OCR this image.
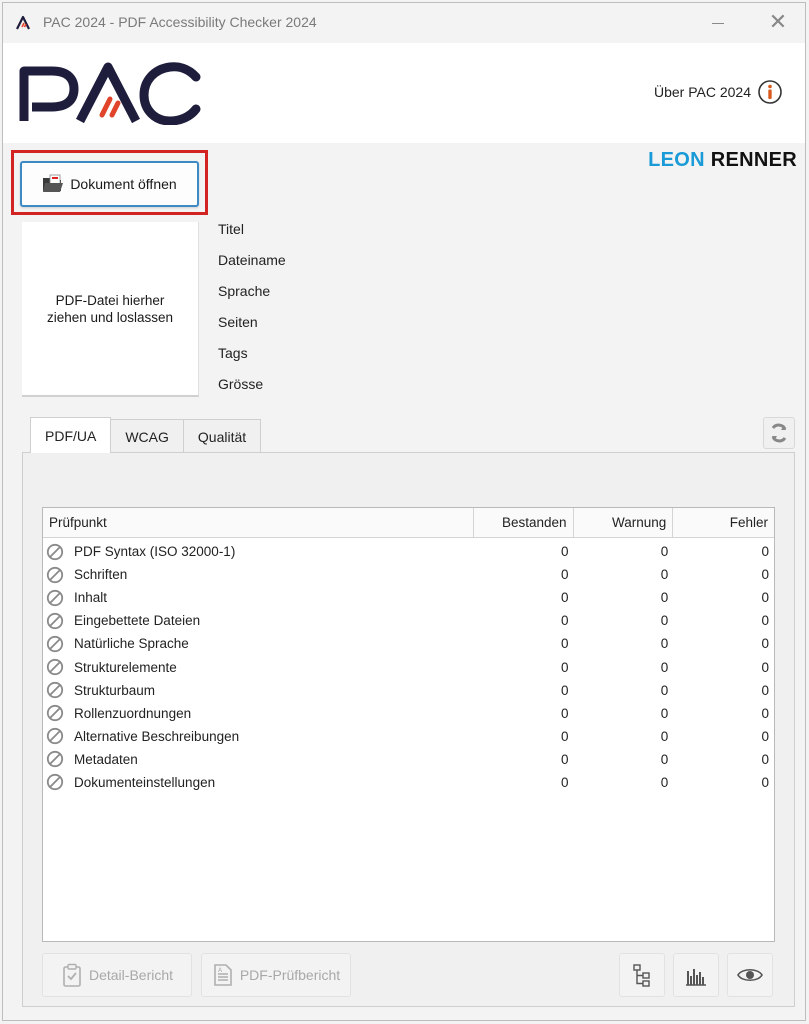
PAC 2024 - PDF Accessibility Checker 2024	✕
Über PAC 2024
LEON RENNER
Dokument öffnen
PDF-Datei hierher ziehen und loslassen
Titel
Dateiname
Sprache
Seiten
Tags
Grösse
PDF/UA	WCAG	Qualität
Prüfpunkt	Bestanden	Warnung	Fehler
PDF Syntax (ISO 32000-1)	0	0	0
Schriften	0	0	0
Inhalt	0	0	0
Eingebettete Dateien	0	0	0
Natürliche Sprache	0	0	0
Strukturelemente	0	0	0
Strukturbaum	0	0	0
Rollenzuordnungen	0	0	0
Alternative Beschreibungen	0	0	0
Metadaten	0	0	0
Dokumenteinstellungen	0	0	0
Detail-Bericht	A PDF-Prüfbericht
